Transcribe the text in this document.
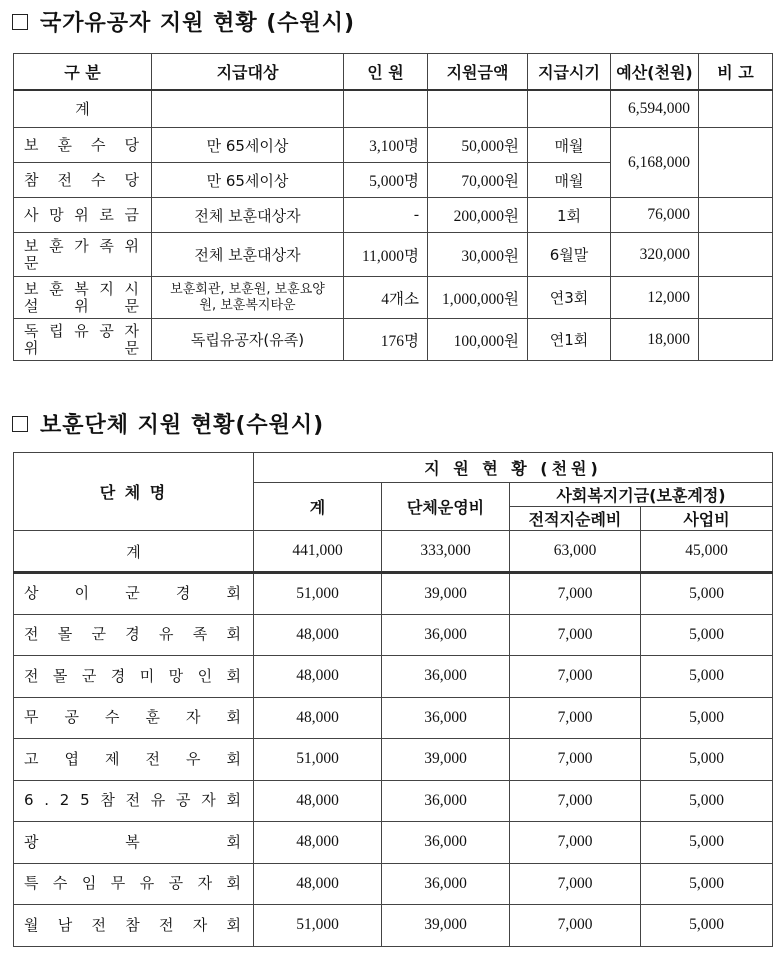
국가유공자 지원 현황 (수원시)
구 분	지급대상	인 원	지원금액	지급시기	예산(천원)	비 고
계					6,594,000	
보 훈 수 당	만 65세이상	3,100명	50,000원	매월	6,168,000	
참 전 수 당	만 65세이상	5,000명	70,000원	매월		
사 망 위 로 금	전체 보훈대상자	-	200,000원	1회	76,000	
보 훈 가 족 위 문	전체 보훈대상자	11,000명	30,000원	6월말	320,000	
보 훈 복 지 시 설 위 문	보훈회관, 보훈원, 보훈요양원, 보훈복지타운	4개소	1,000,000원	연3회	12,000	
독 립 유 공 자 위 문	독립유공자(유족)	176명	100,000원	연1회	18,000	
보훈단체 지원 현황(수원시)
단 체 명	지 원 현 황 (천원)			
	계	단체운영비	사회복지기금(보훈계정)	
			전적지순례비	사업비
계	441,000	333,000	63,000	45,000
상 이 군 경 회	51,000	39,000	7,000	5,000
전 몰 군 경 유 족 회	48,000	36,000	7,000	5,000
전 몰 군 경 미 망 인 회	48,000	36,000	7,000	5,000
무 공 수 훈 자 회	48,000	36,000	7,000	5,000
고 엽 제 전 우 회	51,000	39,000	7,000	5,000
6 . 2 5 참 전 유 공 자 회	48,000	36,000	7,000	5,000
광 복 회	48,000	36,000	7,000	5,000
특 수 임 무 유 공 자 회	48,000	36,000	7,000	5,000
월 남 전 참 전 자 회	51,000	39,000	7,000	5,000
